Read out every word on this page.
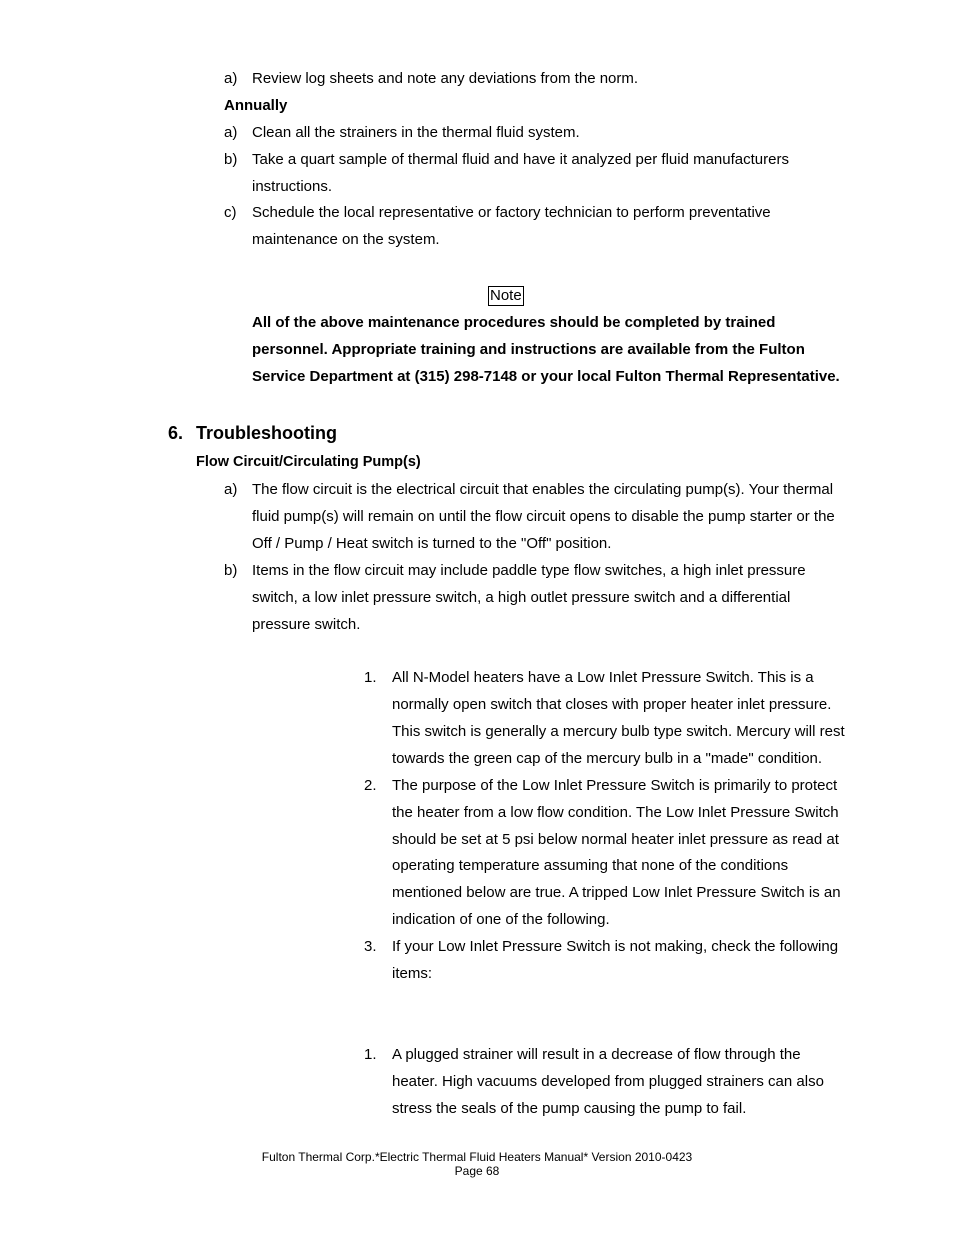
a) Review log sheets and note any deviations from the norm.

Annually

a) Clean all the strainers in the thermal fluid system.

b) Take a quart sample of thermal fluid and have it analyzed per fluid manufacturers

instructions.

c) Schedule the local representative or factory technician to perform preventative

maintenance on the system.

Note

All of the above maintenance procedures should be completed by trained

personnel. Appropriate training and instructions are available from the Fulton

Service Department at (315) 298-7148 or your local Fulton Thermal Representative.

6. Troubleshooting

Flow Circuit/Circulating Pump(s)

a) The flow circuit is the electrical circuit that enables the circulating pump(s). Your thermal

fluid pump(s) will remain on until the flow circuit opens to disable the pump starter or the

Off / Pump / Heat switch is turned to the "Off" position.

b) Items in the flow circuit may include paddle type flow switches, a high inlet pressure

switch, a low inlet pressure switch, a high outlet pressure switch and a differential

pressure switch.

1. All N-Model heaters have a Low Inlet Pressure Switch. This is a

normally open switch that closes with proper heater inlet pressure.

This switch is generally a mercury bulb type switch. Mercury will rest

towards the green cap of the mercury bulb in a "made" condition.

2. The purpose of the Low Inlet Pressure Switch is primarily to protect

the heater from a low flow condition. The Low Inlet Pressure Switch

should be set at 5 psi below normal heater inlet pressure as read at

operating temperature assuming that none of the conditions

mentioned below are true. A tripped Low Inlet Pressure Switch is an

indication of one of the following.

3. If your Low Inlet Pressure Switch is not making, check the following

items:

1. A plugged strainer will result in a decrease of flow through the

heater. High vacuums developed from plugged strainers can also

stress the seals of the pump causing the pump to fail.

Fulton Thermal Corp.*Electric Thermal Fluid Heaters Manual* Version 2010-0423
Page 68
